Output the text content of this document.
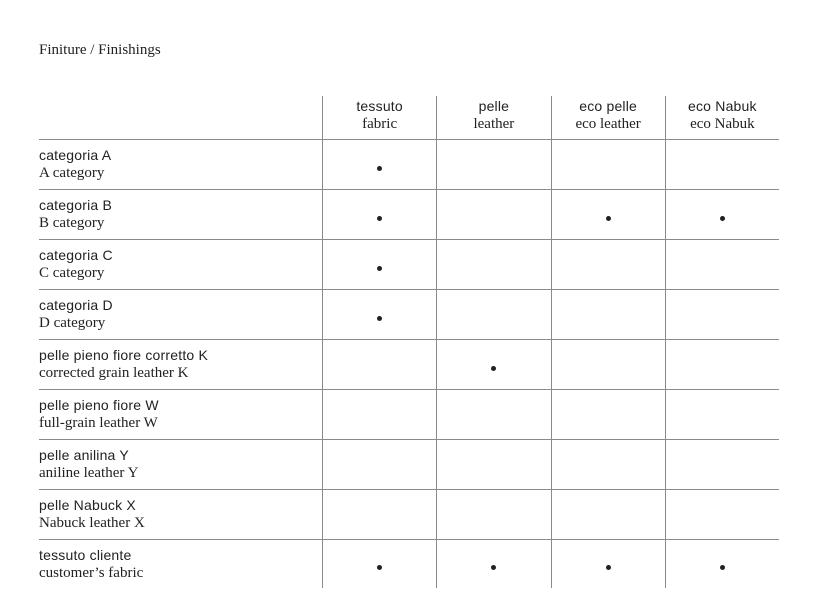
Finiture / Finishings
tessuto
fabric
pelle
leather
eco pelle
eco leather
eco Nabuk
eco Nabuk
categoria A
A category
categoria B
B category
categoria C
C category
categoria D
D category
pelle pieno fiore corretto K
corrected grain leather K
pelle pieno fiore W
full-grain leather W
pelle anilina Y
aniline leather Y
pelle Nabuck X
Nabuck leather X
tessuto cliente
customer’s fabric
